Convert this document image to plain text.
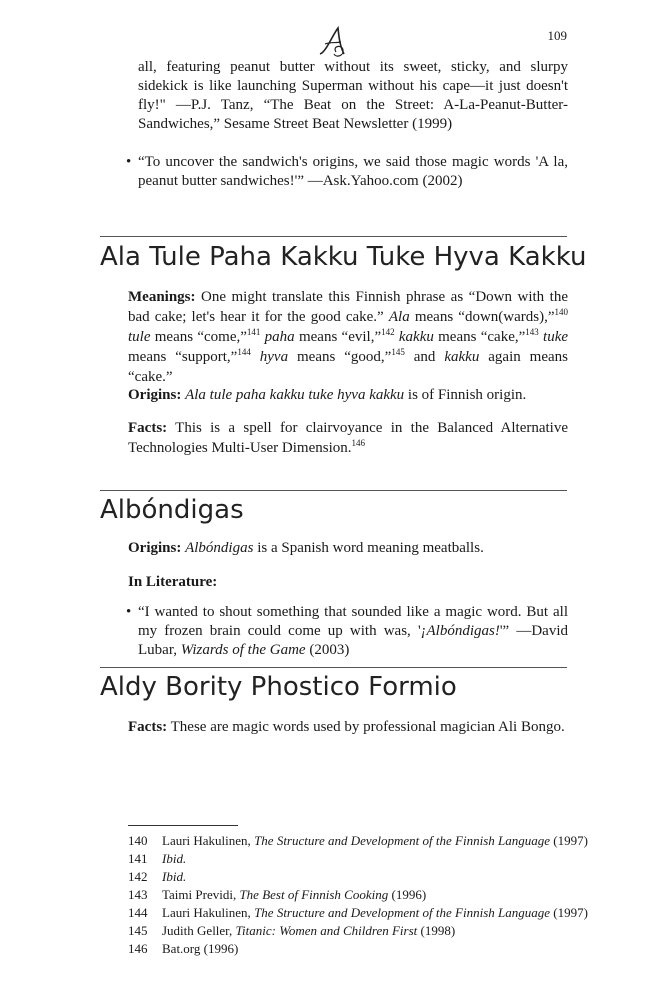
109
all, featuring peanut butter without its sweet, sticky, and slurpy sidekick is like launching Superman without his cape—it just doesn't fly!" —P.J. Tanz, “The Beat on the Street: A-La-Peanut-Butter-Sandwiches,” Sesame Street Beat Newsletter (1999)
• “To uncover the sandwich's origins, we said those magic words 'A la, peanut butter sandwiches!'” —Ask.Yahoo.com (2002)
Ala Tule Paha Kakku Tuke Hyva Kakku
Meanings: One might translate this Finnish phrase as “Down with the bad cake; let's hear it for the good cake.” Ala means “down(wards),”$^{140}$ tule means “come,”$^{141}$ paha means “evil,”$^{142}$ kakku means “cake,”$^{143}$ tuke means “support,”$^{144}$ hyva means “good,”$^{145}$ and kakku again means “cake.”
Origins: Ala tule paha kakku tuke hyva kakku is of Finnish origin.
Facts: This is a spell for clairvoyance in the Balanced Alternative Technologies Multi-User Dimension.$^{146}$
Albóndigas
Origins: Albóndigas is a Spanish word meaning meatballs.
In Literature:
• “I wanted to shout something that sounded like a magic word. But all my frozen brain could come up with was, '¡Albóndigas!'” —David Lubar, Wizards of the Game (2003)
Aldy Bority Phostico Formio
Facts: These are magic words used by professional magician Ali Bongo.
140 Lauri Hakulinen, The Structure and Development of the Finnish Language (1997)
141 Ibid.
142 Ibid.
143 Taimi Previdi, The Best of Finnish Cooking (1996)
144 Lauri Hakulinen, The Structure and Development of the Finnish Language (1997)
145 Judith Geller, Titanic: Women and Children First (1998)
146 Bat.org (1996)
